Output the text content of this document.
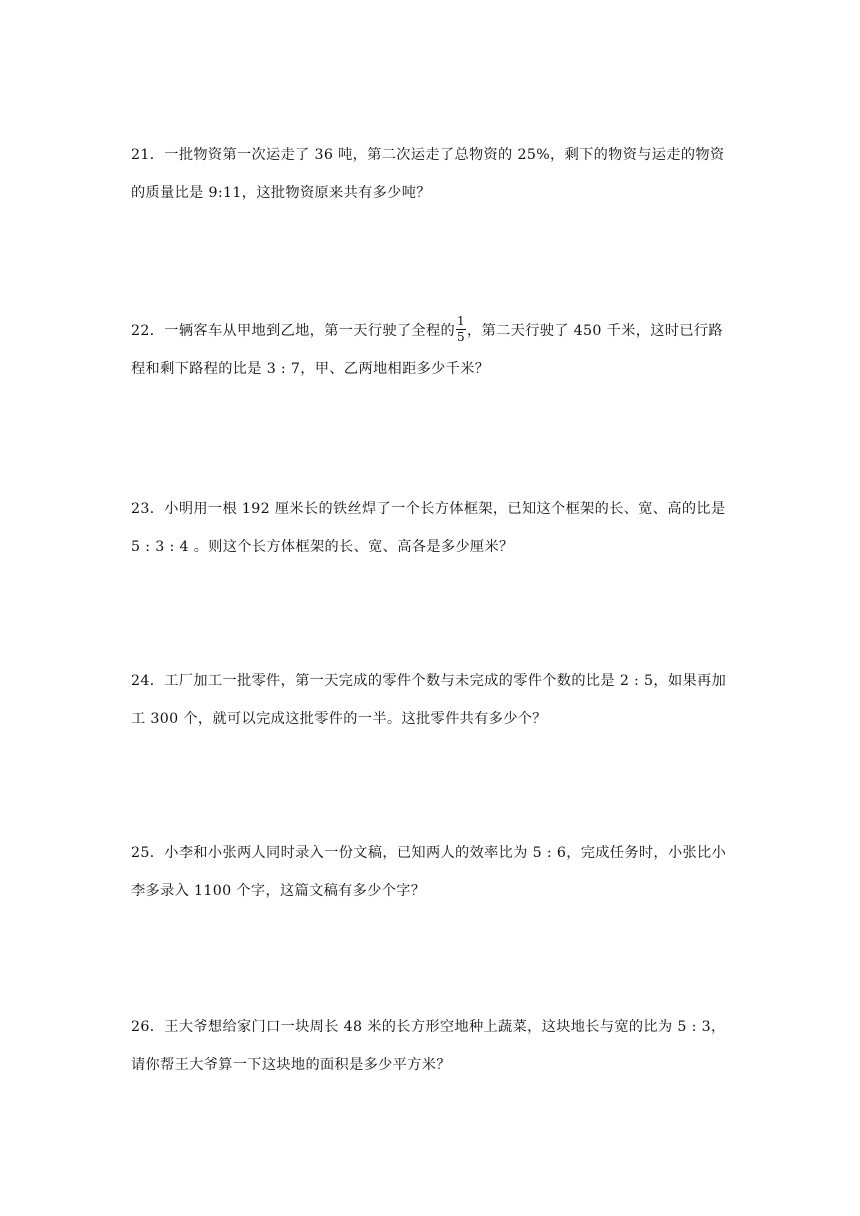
21．一批物资第一次运走了 36 吨，第二次运走了总物资的 25%，剩下的物资与运走的物资
的质量比是 9:11，这批物资原来共有多少吨？
22．一辆客车从甲地到乙地，第一天行驶了全程的 $\frac{1}{5}$ ，第二天行驶了 450 千米，这时已行路
程和剩下路程的比是 3 : 7，甲、乙两地相距多少千米？
23．小明用一根 192 厘米长的铁丝焊了一个长方体框架，已知这个框架的长、宽、高的比是
5 : 3 : 4 。则这个长方体框架的长、宽、高各是多少厘米？
24．工厂加工一批零件，第一天完成的零件个数与未完成的零件个数的比是 2 : 5，如果再加
工 300 个，就可以完成这批零件的一半。这批零件共有多少个？
25．小李和小张两人同时录入一份文稿，已知两人的效率比为 5 : 6，完成任务时，小张比小
李多录入 1100 个字，这篇文稿有多少个字？
26．王大爷想给家门口一块周长 48 米的长方形空地种上蔬菜，这块地长与宽的比为 5 : 3，
请你帮王大爷算一下这块地的面积是多少平方米？
